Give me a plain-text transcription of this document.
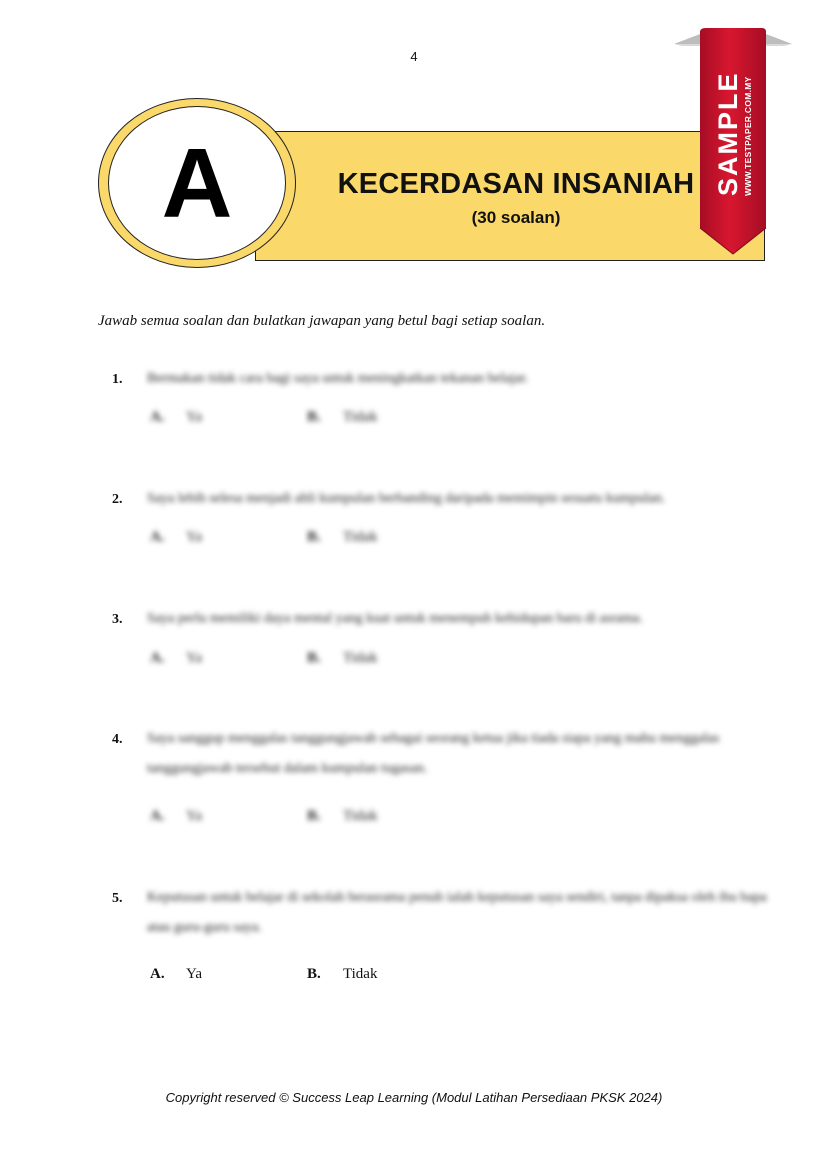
4
KECERDASAN INSANIAH
(30 soalan)
A	SAMPLE WWW.TESTPAPER.COM.MY
Jawab semua soalan dan bulatkan jawapan yang betul bagi setiap soalan.
1. Bermakan tidak cara bagi saya untuk meningkatkan tekanan belajar.
A. Ya	B. Tidak
2. Saya lebih selesa menjadi ahli kumpulan berbanding daripada memimpin sesuatu kumpulan.
A. Ya	B. Tidak
3. Saya perlu memiliki daya mental yang kuat untuk menempuh kehidupan baru di asrama.
A. Ya	B. Tidak
4. Saya sanggup menggalas tanggungjawab sebagai seorang ketua jika tiada siapa yang mahu menggalas tanggungjawab tersebut dalam kumpulan tugasan.
A. Ya	B. Tidak
5. Keputusan untuk belajar di sekolah berasrama penuh ialah keputusan saya sendiri, tanpa dipaksa oleh ibu bapa atau guru-guru saya.
A. Ya	B. Tidak
Copyright reserved © Success Leap Learning (Modul Latihan Persediaan PKSK 2024)
